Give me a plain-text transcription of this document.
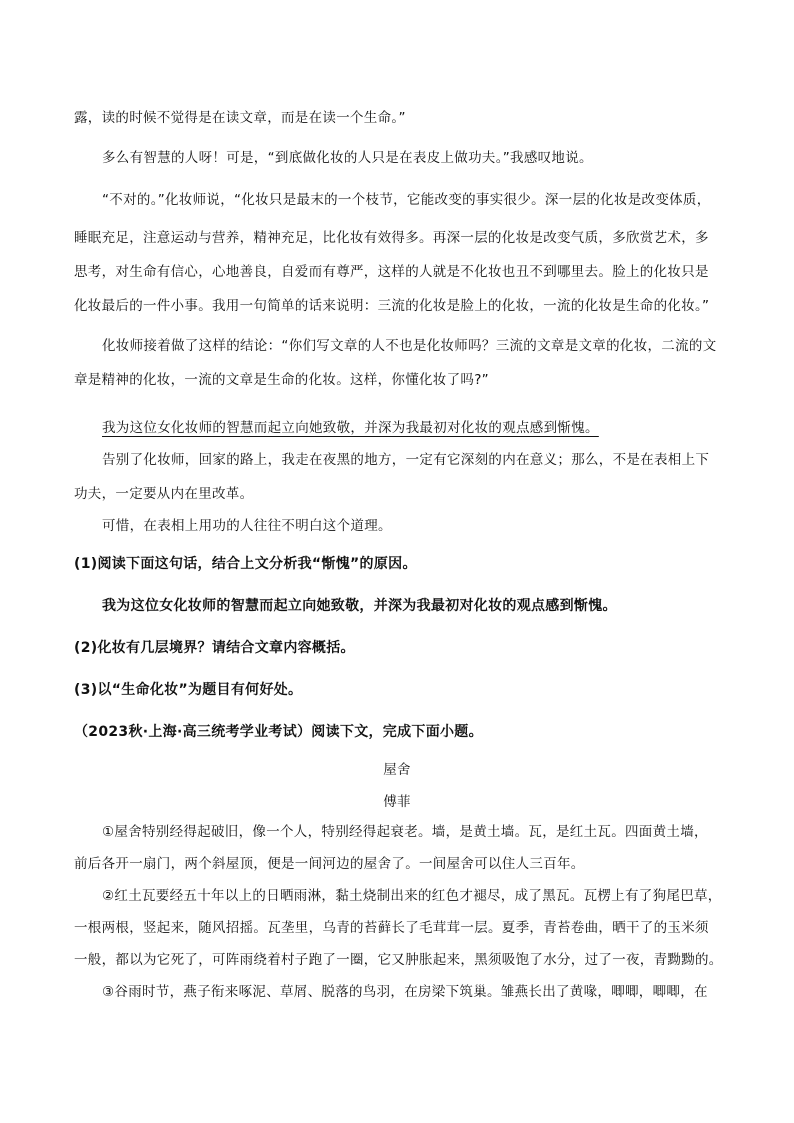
露，读的时候不觉得是在读文章，而是在读一个生命。”
多么有智慧的人呀！可是，“到底做化妆的人只是在表皮上做功夫。”我感叹地说。
“不对的。”化妆师说，“化妆只是最末的一个枝节，它能改变的事实很少。深一层的化妆是改变体质，
睡眠充足，注意运动与营养，精神充足，比化妆有效得多。再深一层的化妆是改变气质，多欣赏艺术，多
思考，对生命有信心，心地善良，自爱而有尊严，这样的人就是不化妆也丑不到哪里去。脸上的化妆只是
化妆最后的一件小事。我用一句简单的话来说明：三流的化妆是脸上的化妆，一流的化妆是生命的化妆。”
化妆师接着做了这样的结论：“你们写文章的人不也是化妆师吗？三流的文章是文章的化妆，二流的文
章是精神的化妆，一流的文章是生命的化妆。这样，你懂化妆了吗?”
我为这位女化妆师的智慧而起立向她致敬，并深为我最初对化妆的观点感到惭愧。
告别了化妆师，回家的路上，我走在夜黑的地方，一定有它深刻的内在意义；那么，不是在表相上下
功夫，一定要从内在里改革。
可惜，在表相上用功的人往往不明白这个道理。
(1)阅读下面这句话，结合上文分析我“惭愧”的原因。
我为这位女化妆师的智慧而起立向她致敬，并深为我最初对化妆的观点感到惭愧。
(2)化妆有几层境界？请结合文章内容概括。
(3)以“生命化妆”为题目有何好处。
（2023秋·上海·高三统考学业考试）阅读下文，完成下面小题。
屋舍
傅菲
①屋舍特别经得起破旧，像一个人，特别经得起衰老。墙，是黄土墙。瓦，是红土瓦。四面黄土墙，
前后各开一扇门，两个斜屋顶，便是一间河边的屋舍了。一间屋舍可以住人三百年。
②红土瓦要经五十年以上的日晒雨淋，黏土烧制出来的红色才褪尽，成了黑瓦。瓦楞上有了狗尾巴草，
一根两根，竖起来，随风招摇。瓦垄里，乌青的苔藓长了毛茸茸一层。夏季，青苔卷曲，晒干了的玉米须
一般，都以为它死了，可阵雨绕着村子跑了一圈，它又肿胀起来，黑须吸饱了水分，过了一夜，青黝黝的。
③谷雨时节，燕子衔来啄泥、草屑、脱落的鸟羽，在房梁下筑巢。雏燕长出了黄喙，唧唧，唧唧，在
